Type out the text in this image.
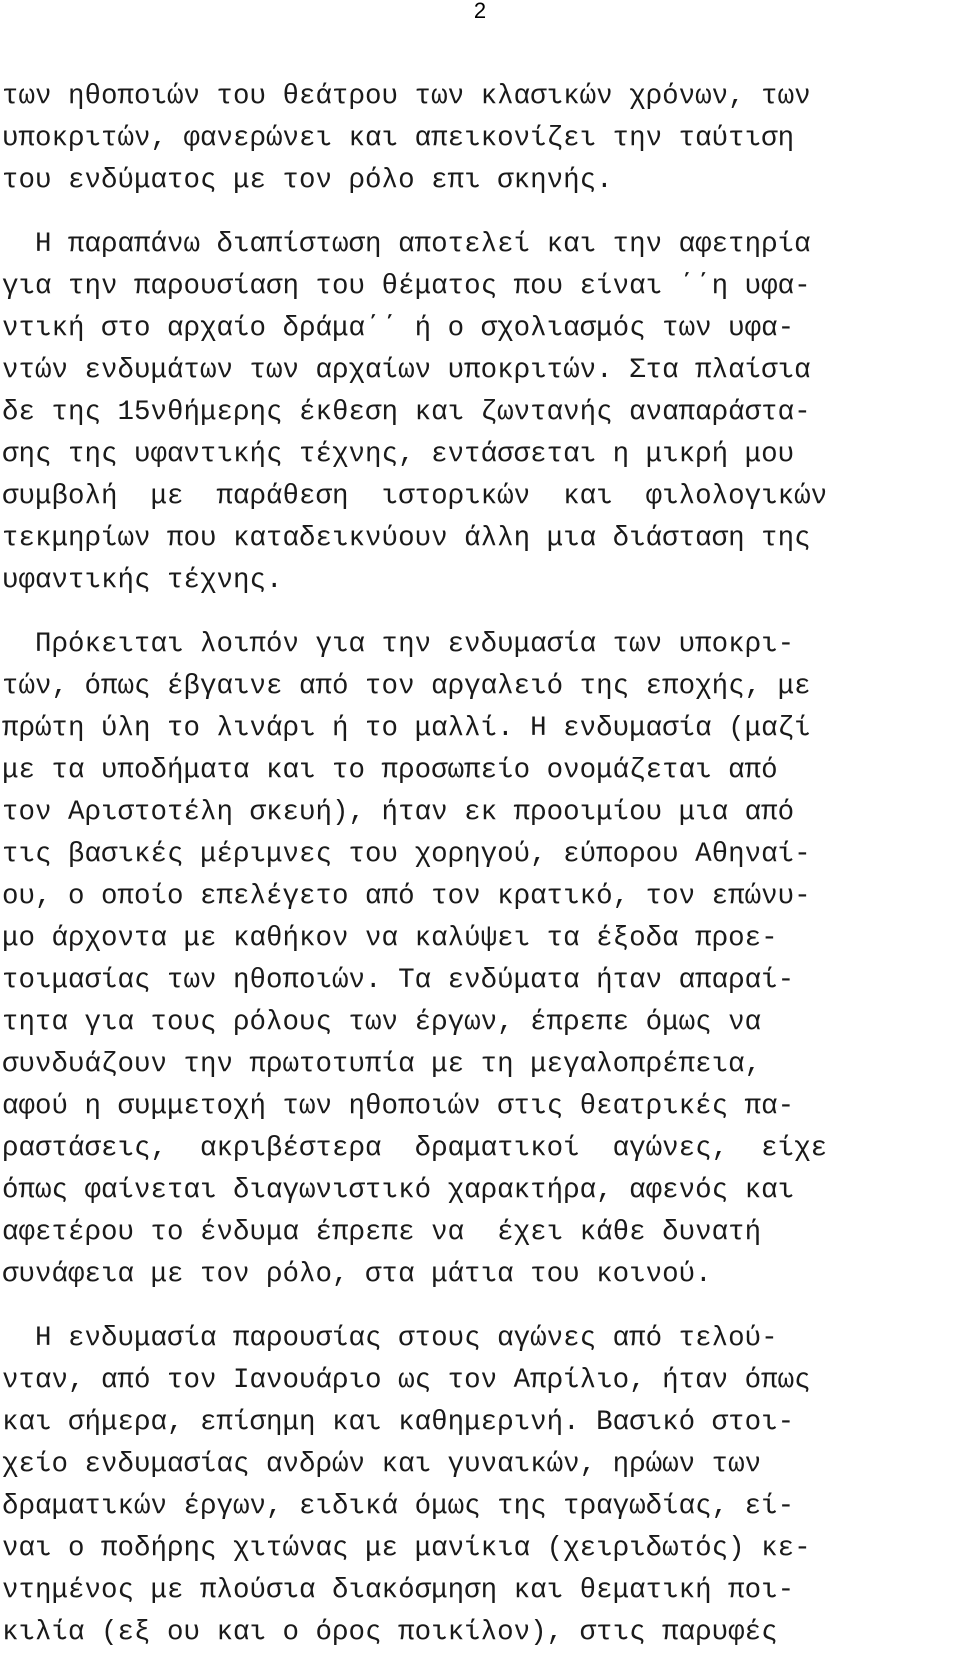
2
των ηθοποιών του θεάτρου των κλασικών χρόνων, των
υποκριτών, φανερώνει και απεικονίζει την ταύτιση
του ενδύματος με τον ρόλο επι σκηνής.
Η παραπάνω διαπίστωση αποτελεί και την αφετηρία
για την παρουσίαση του θέματος που είναι ΄΄η υφα-
ντική στο αρχαίο δράμα΄΄ ή ο σχολιασμός των υφα-
ντών ενδυμάτων των αρχαίων υποκριτών. Στα πλαίσια
δε της 15νθήμερης έκθεση και ζωντανής αναπαράστα-
σης της υφαντικής τέχνης, εντάσσεται η μικρή μου
συμβολή  με  παράθεση  ιστορικών  και  φιλολογικών
τεκμηρίων που καταδεικνύουν άλλη μια διάσταση της
υφαντικής τέχνης.
Πρόκειται λοιπόν για την ενδυμασία των υποκρι-
τών, όπως έβγαινε από τον αργαλειό της εποχής, με
πρώτη ύλη το λινάρι ή το μαλλί. Η ενδυμασία (μαζί
με τα υποδήματα και το προσωπείο ονομάζεται από
τον Αριστοτέλη σκευή), ήταν εκ προοιμίου μια από
τις βασικές μέριμνες του χορηγού, εύπορου Αθηναί-
ου, ο οποίο επελέγετο από τον κρατικό, τον επώνυ-
μο άρχοντα με καθήκον να καλύψει τα έξοδα προε-
τοιμασίας των ηθοποιών. Τα ενδύματα ήταν απαραί-
τητα για τους ρόλους των έργων, έπρεπε όμως να
συνδυάζουν την πρωτοτυπία με τη μεγαλοπρέπεια,
αφού η συμμετοχή των ηθοποιών στις θεατρικές πα-
ραστάσεις,  ακριβέστερα  δραματικοί  αγώνες,  είχε
όπως φαίνεται διαγωνιστικό χαρακτήρα, αφενός και
αφετέρου το ένδυμα έπρεπε να  έχει κάθε δυνατή
συνάφεια με τον ρόλο, στα μάτια του κοινού.
Η ενδυμασία παρουσίας στους αγώνες από τελού-
νταν, από τον Ιανουάριο ως τον Απρίλιο, ήταν όπως
και σήμερα, επίσημη και καθημερινή. Βασικό στοι-
χείο ενδυμασίας ανδρών και γυναικών, ηρώων των
δραματικών έργων, ειδικά όμως της τραγωδίας, εί-
ναι ο ποδήρης χιτώνας με μανίκια (χειριδωτός) κε-
ντημένος με πλούσια διακόσμηση και θεματική ποι-
κιλία (εξ ου και ο όρος ποικίλον), στις παρυφές
